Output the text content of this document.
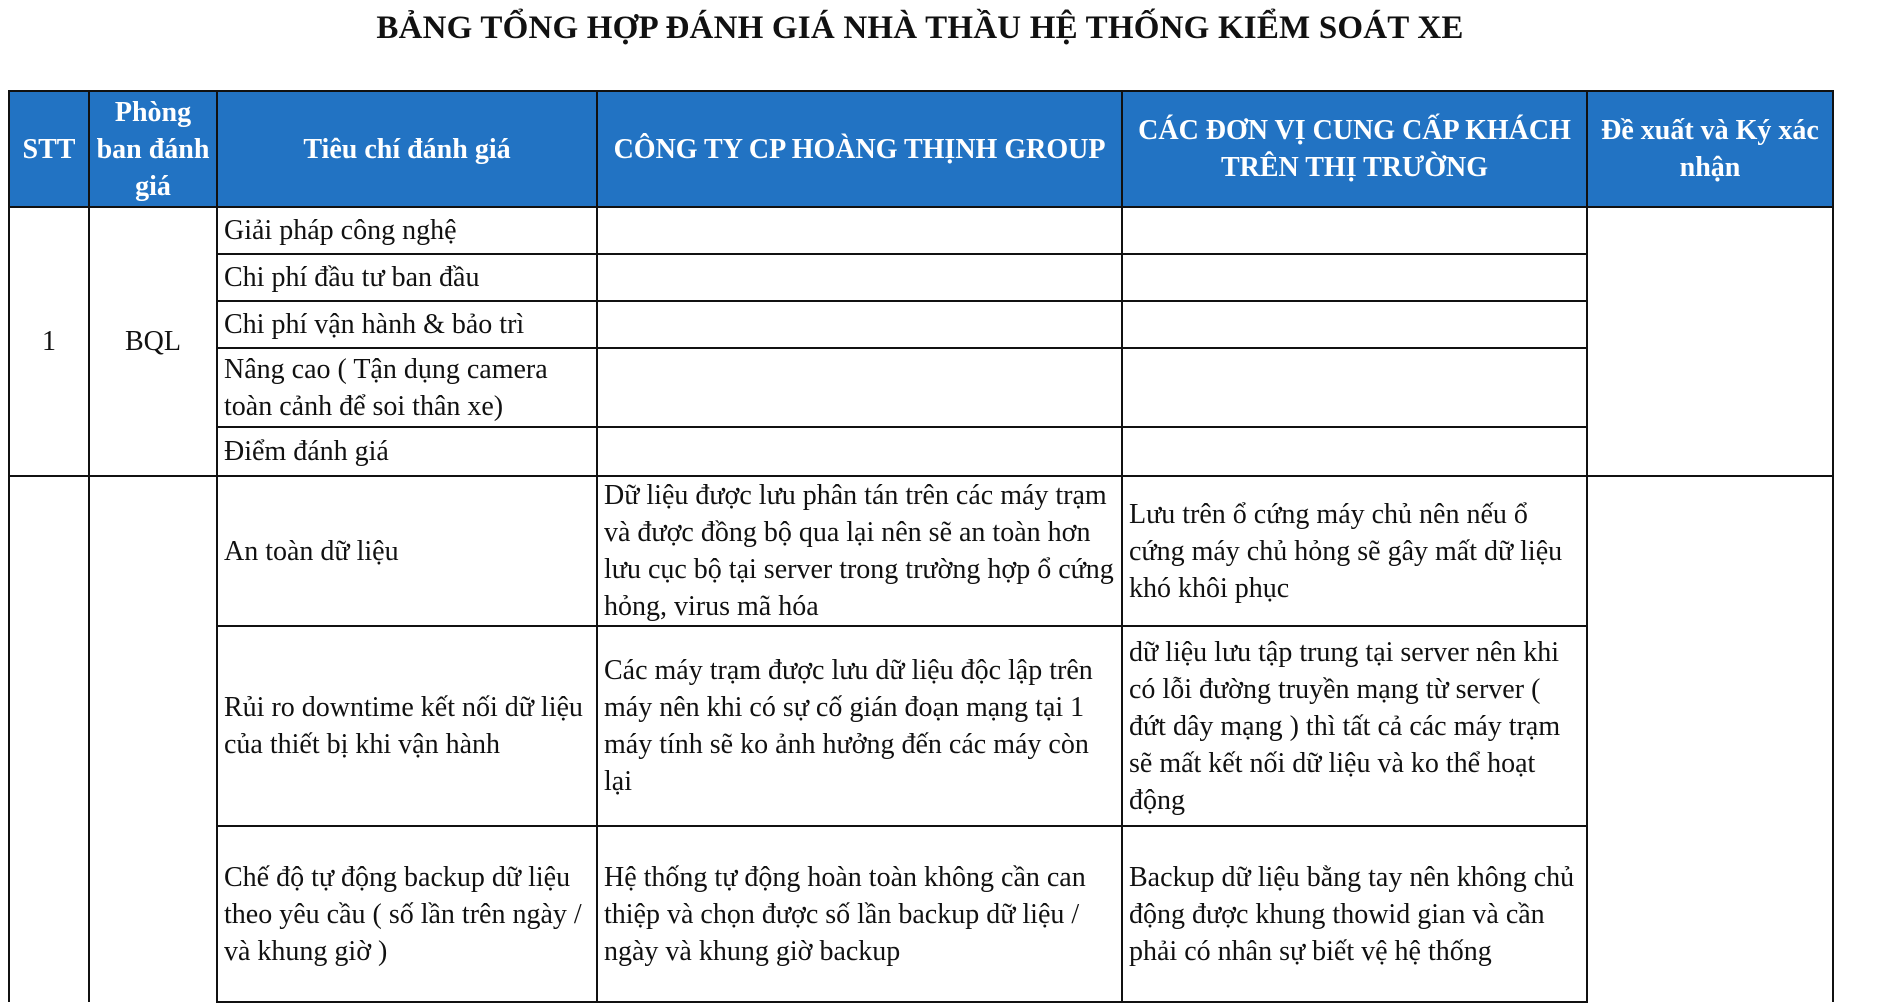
BẢNG TỔNG HỢP ĐÁNH GIÁ NHÀ THẦU HỆ THỐNG KIỂM SOÁT XE
STT	Phòng ban đánh giá	Tiêu chí đánh giá	CÔNG TY CP HOÀNG THỊNH GROUP	CÁC ĐƠN VỊ CUNG CẤP KHÁCH TRÊN THỊ TRƯỜNG	Đề xuất và Ký xác nhận
1	BQL	Giải pháp công nghệ			
		Chi phí đầu tư ban đầu			
		Chi phí vận hành & bảo trì			
		Nâng cao ( Tận dụng camera toàn cảnh để soi thân xe)			
		Điểm đánh giá			
		An toàn dữ liệu	Dữ liệu được lưu phân tán trên các máy trạm và được đồng bộ qua lại nên sẽ an toàn hơn lưu cục bộ tại server trong trường hợp ổ cứng hỏng, virus mã hóa	Lưu trên ổ cứng máy chủ nên nếu ổ cứng máy chủ hỏng sẽ gây mất dữ liệu khó khôi phục	
		Rủi ro downtime kết nối dữ liệu của thiết bị khi vận hành	Các máy trạm được lưu dữ liệu độc lập trên máy nên khi có sự cố gián đoạn mạng tại 1 máy tính sẽ ko ảnh hưởng đến các máy còn lại	dữ liệu lưu tập trung tại server nên khi có lỗi đường truyền mạng từ server ( đứt dây mạng ) thì tất cả các máy trạm sẽ mất kết nối dữ liệu và ko thể hoạt động	
		Chế độ tự động backup dữ liệu theo yêu cầu ( số lần trên ngày / và khung giờ )	Hệ thống tự động hoàn toàn không cần can thiệp và chọn được số lần backup dữ liệu / ngày và khung giờ backup	Backup dữ liệu bằng tay nên không chủ động được khung thowid gian và cần phải có nhân sự biết vệ hệ thống	
